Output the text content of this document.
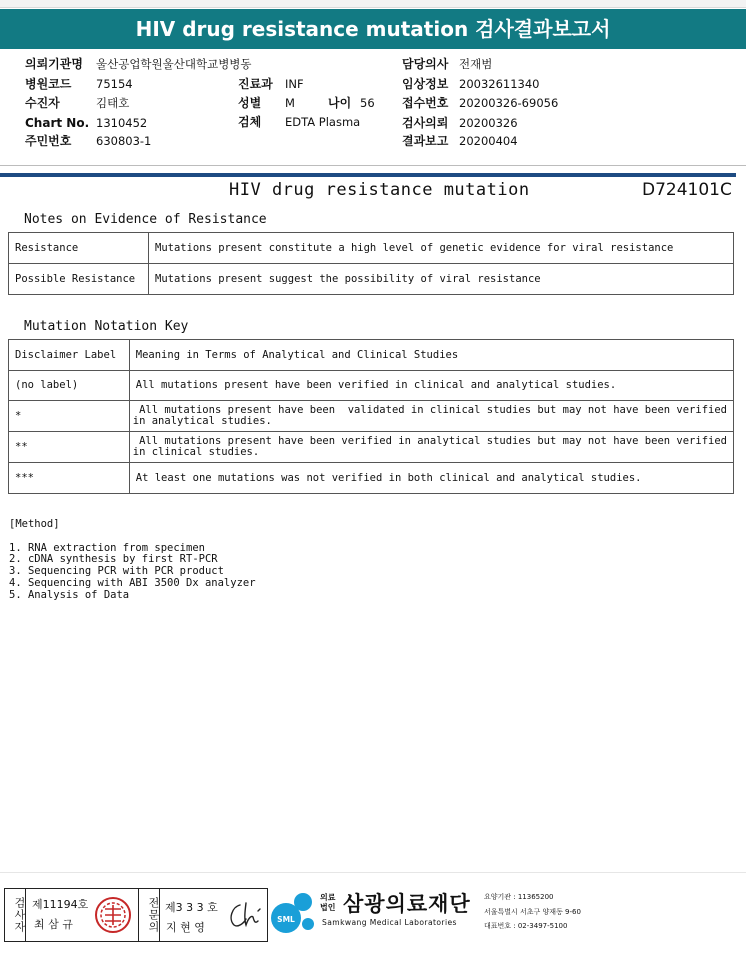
HIV drug resistance mutation 검사결과보고서
의뢰기관명 울산공업학원울산대학교병병동	담당의사 전재범
병원코드 75154	진료과 INF	임상정보 20032611340
수진자	김태호	성별 M	나이 56 접수번호 20200326-69056
Chart No. 1310452	검체 EDTA Plasma	검사의뢰 20200326
주민번호 630803-1	결과보고 20200404
HIV drug resistance mutation	D724101C
Notes on Evidence of Resistance
Resistance	Mutations present constitute a high level of genetic evidence for viral resistance
Possible Resistance	Mutations present suggest the possibility of viral resistance
Mutation Notation Key
Disclaimer Label	Meaning in Terms of Analytical and Clinical Studies
(no label)	All mutations present have been verified in clinical and analytical studies.
*	All mutations present have been  validated in clinical studies but may not have been verified
in analytical studies.
**	All mutations present have been verified in analytical studies but may not have been verified
in clinical studies.
***	At least one mutations was not verified in both clinical and analytical studies.
[Method]
1. RNA extraction from specimen
2. cDNA synthesis by first RT-PCR
3. Sequencing PCR with PCR product
4. Sequencing with ABI 3500 Dx analyzer
5. Analysis of Data
검사자 제11194호
최 삼 규	전문의 제3 3 3 호
지 현 영
SML
의료
법인 삼광의료재단
Samkwang Medical Laboratories
요양기관 : 11365200
서울특별시 서초구 양재동 9-60
대표번호 : 02-3497-5100
